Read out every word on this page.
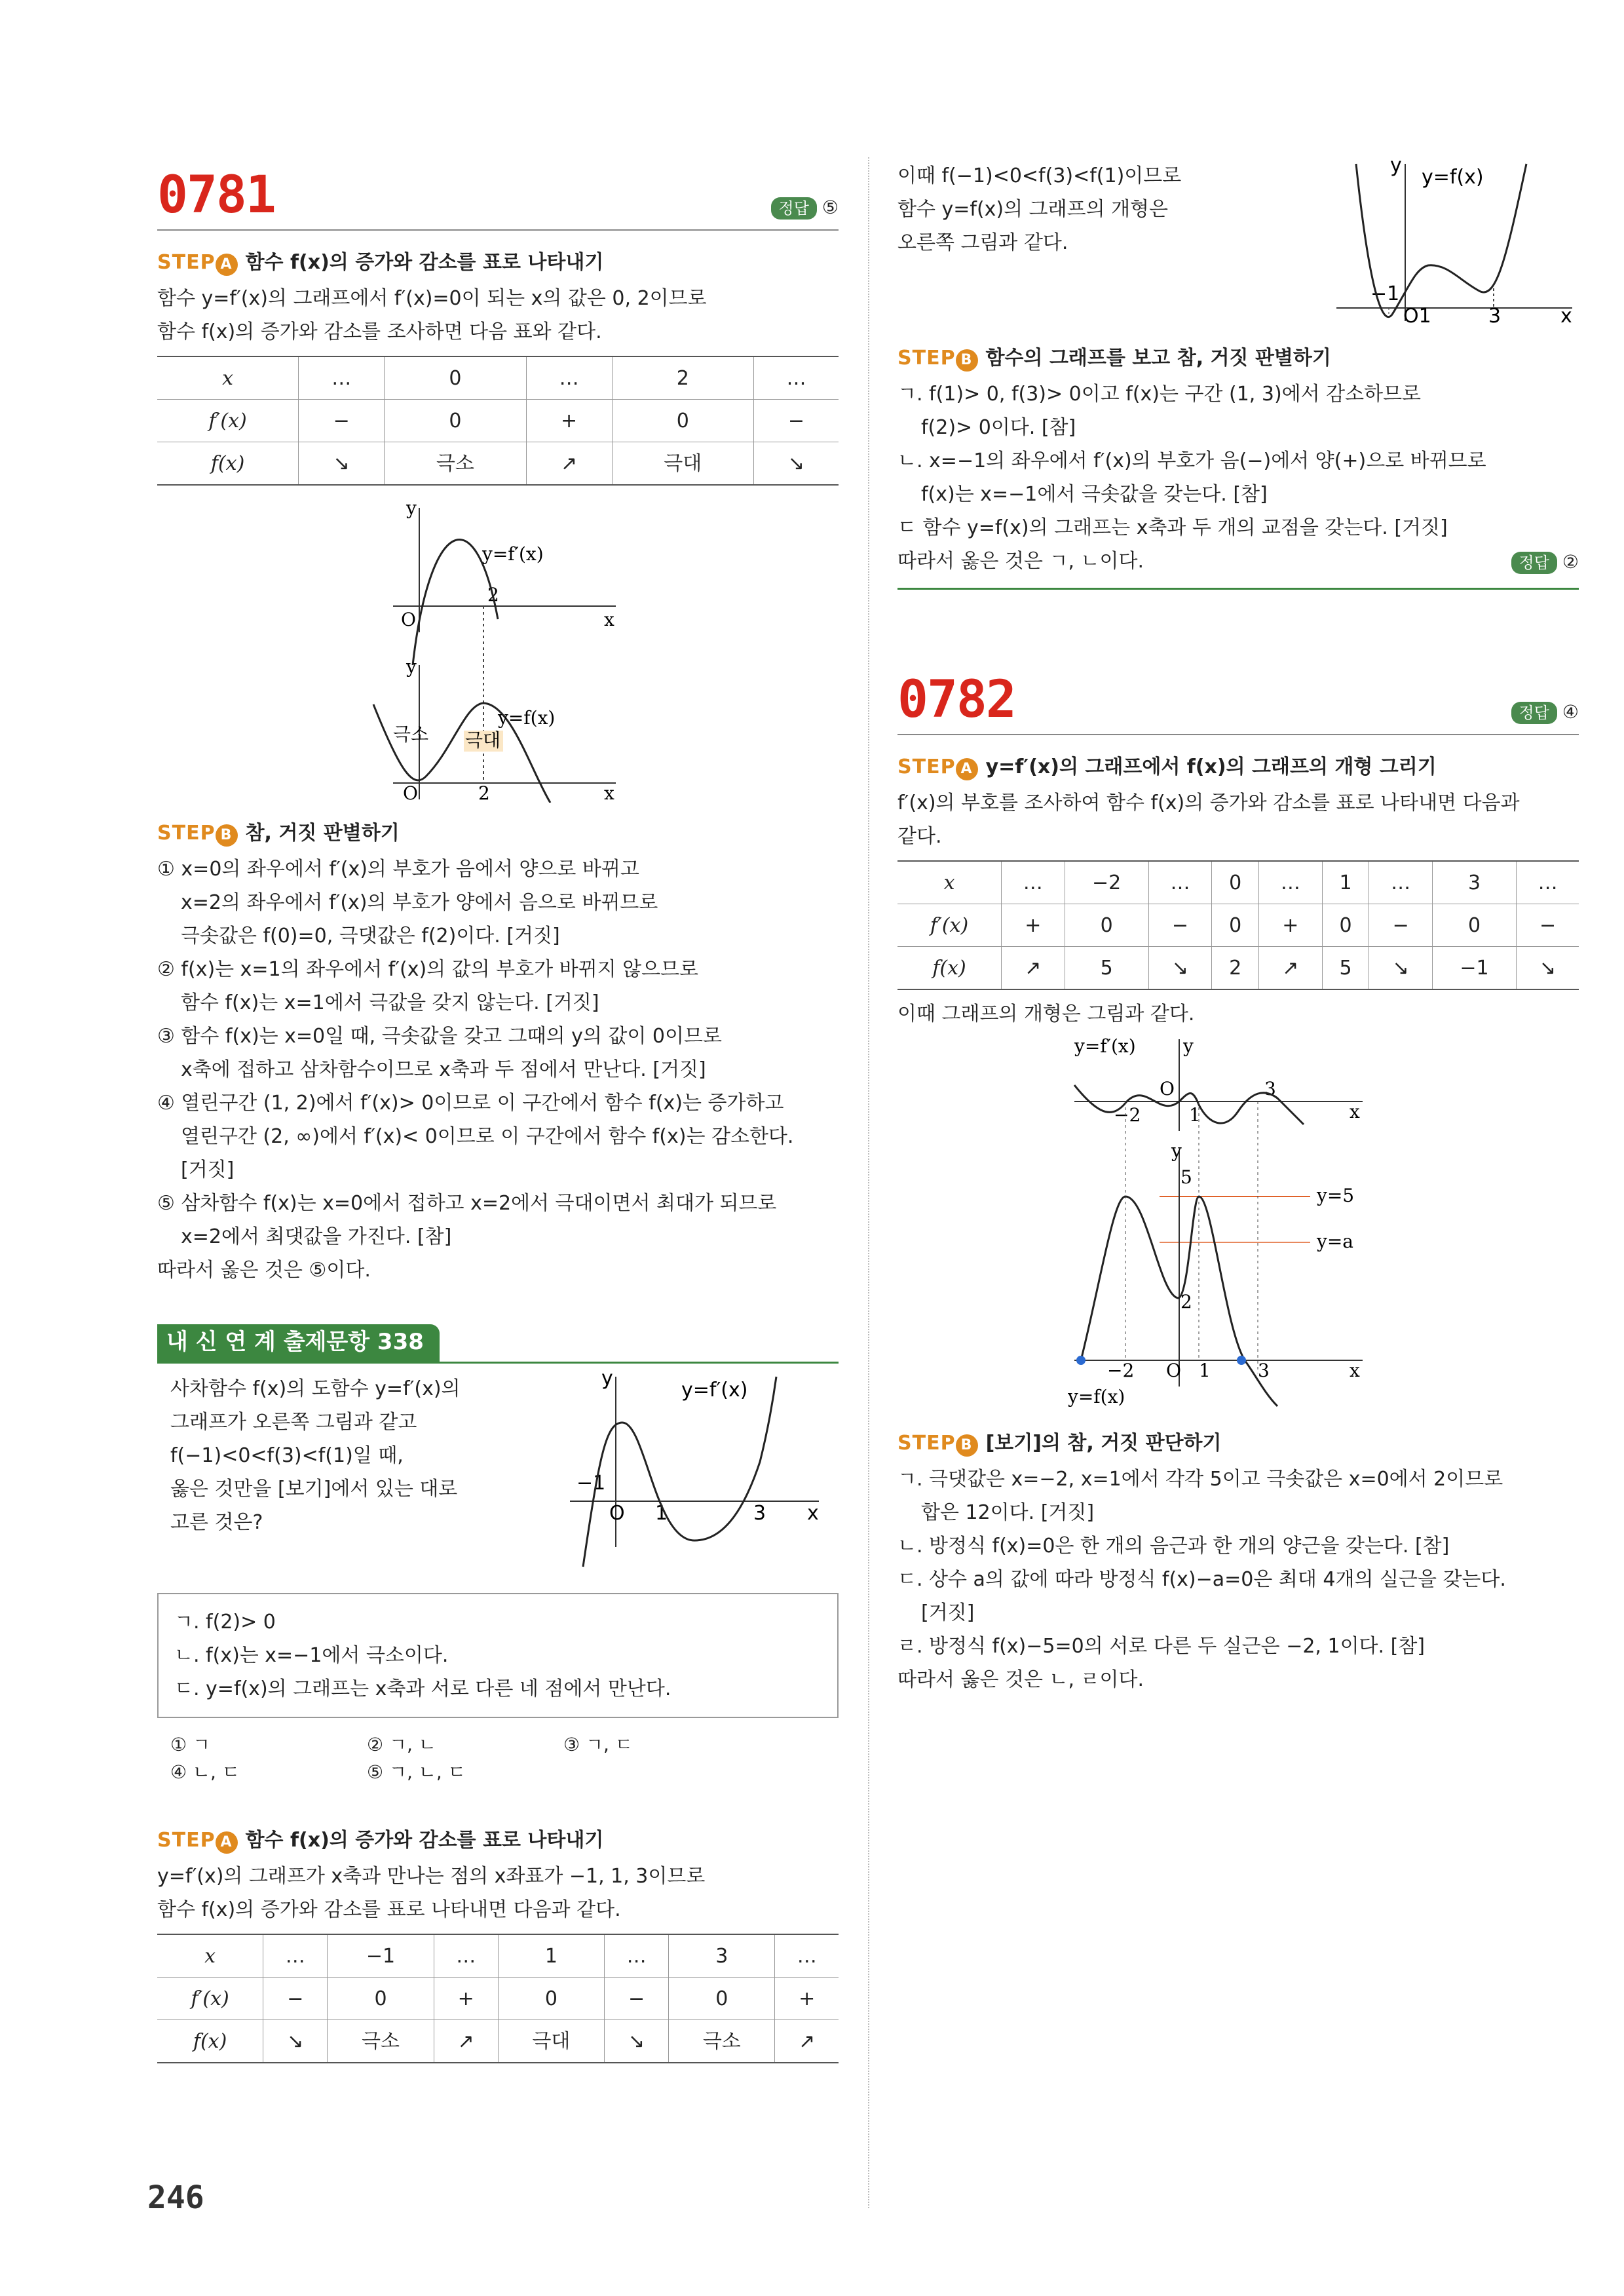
0781	정답 ⑤
STEP A 함수 f(x)의 증가와 감소를 표로 나타내기

함수 y=f′(x)의 그래프에서 f′(x)=0이 되는 x의 값은 0, 2이므로

함수 f(x)의 증가와 감소를 조사하면 다음 표와 같다.

x	…	0	…	2	…
f′(x)	−	0	+	0	−
f(x)	↘	극소	↗	극대	↘
y
x
O
2
y=f′(x)
y
x
O	2
극소 극대
y=f(x)
STEP B 참, 거짓 판별하기

① x=0의 좌우에서 f′(x)의 부호가 음에서 양으로 바뀌고

x=2의 좌우에서 f′(x)의 부호가 양에서 음으로 바뀌므로

극솟값은 f(0)=0, 극댓값은 f(2)이다. [거짓]

② f(x)는 x=1의 좌우에서 f′(x)의 값의 부호가 바뀌지 않으므로

함수 f(x)는 x=1에서 극값을 갖지 않는다. [거짓]

③ 함수 f(x)는 x=0일 때, 극솟값을 갖고 그때의 y의 값이 0이므로

x축에 접하고 삼차함수이므로 x축과 두 점에서 만난다. [거짓]

④ 열린구간 (1, 2)에서 f′(x)> 0이므로 이 구간에서 함수 f(x)는 증가하고

열린구간 (2, ∞)에서 f′(x)< 0이므로 이 구간에서 함수 f(x)는 감소한다.

[거짓]

⑤ 삼차함수 f(x)는 x=0에서 접하고 x=2에서 극대이면서 최대가 되므로

x=2에서 최댓값을 가진다. [참]

따라서 옳은 것은 ⑤이다.

내 신 연 계 출제문항 338

사차함수 f(x)의 도함수 y=f′(x)의

그래프가 오른쪽 그림과 같고

f(−1)<0<f(3)<f(1)일 때,

옳은 것만을 [보기]에서 있는 대로

고른 것은?

y
x
−1
O 1	3
y=f′(x)

ㄱ. f(2)> 0

ㄴ. f(x)는 x=−1에서 극소이다.

ㄷ. y=f(x)의 그래프는 x축과 서로 다른 네 점에서 만난다.

① ㄱ	② ㄱ, ㄴ	③ ㄱ, ㄷ
④ ㄴ, ㄷ	⑤ ㄱ, ㄴ, ㄷ
STEP A 함수 f(x)의 증가와 감소를 표로 나타내기

y=f′(x)의 그래프가 x축과 만나는 점의 x좌표가 −1, 1, 3이므로

함수 f(x)의 증가와 감소를 표로 나타내면 다음과 같다.

x	…	−1	…	1	…	3	…
f′(x)	−	0	+	0	−	0	+
f(x)	↘	극소	↗	극대	↘	극소	↗

이때 f(−1)<0<f(3)<f(1)이므로

함수 y=f(x)의 그래프의 개형은

오른쪽 그림과 같다.

y
x
−1
O1	3
y=f(x)
STEP B 함수의 그래프를 보고 참, 거짓 판별하기

ㄱ. f(1)> 0, f(3)> 0이고 f(x)는 구간 (1, 3)에서 감소하므로

f(2)> 0이다. [참]

ㄴ. x=−1의 좌우에서 f′(x)의 부호가 음(−)에서 양(+)으로 바뀌므로

f(x)는 x=−1에서 극솟값을 갖는다. [참]

ㄷ 함수 y=f(x)의 그래프는 x축과 두 개의 교점을 갖는다. [거짓]

따라서 옳은 것은 ㄱ, ㄴ이다.	정답 ②
0782	정답 ④
STEP A y=f′(x)의 그래프에서 f(x)의 그래프의 개형 그리기

f′(x)의 부호를 조사하여 함수 f(x)의 증가와 감소를 표로 나타내면 다음과

같다.

x	…	−2	…	0	…	1	…	3	…
f′(x)	+	0	−	0	+	0	−	0	−
f(x)	↗	5	↘	2	↗	5	↘	−1	↘

이때 그래프의 개형은 그림과 같다.

y
x
O
−2	1
3
y=f′(x)
y=5
y=a
y
x
5
2
−2 O 1	3
y=f(x)
STEP B [보기]의 참, 거짓 판단하기

ㄱ. 극댓값은 x=−2, x=1에서 각각 5이고 극솟값은 x=0에서 2이므로

합은 12이다. [거짓]

ㄴ. 방정식 f(x)=0은 한 개의 음근과 한 개의 양근을 갖는다. [참]

ㄷ. 상수 a의 값에 따라 방정식 f(x)−a=0은 최대 4개의 실근을 갖는다.

[거짓]

ㄹ. 방정식 f(x)−5=0의 서로 다른 두 실근은 −2, 1이다. [참]

따라서 옳은 것은 ㄴ, ㄹ이다.

246
